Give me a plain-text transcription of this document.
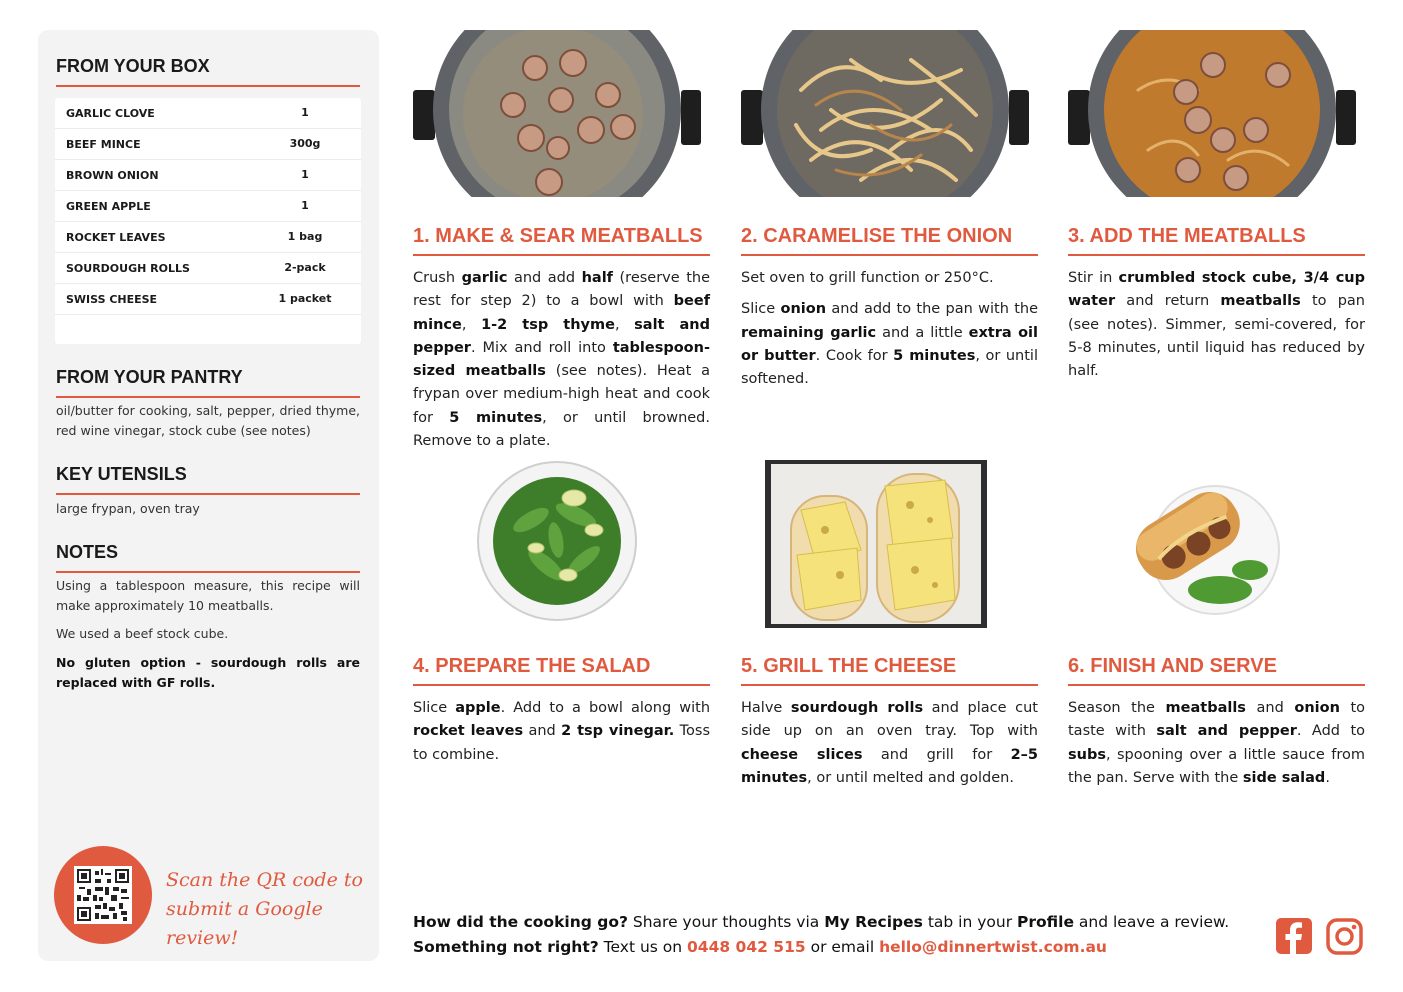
FROM YOUR BOX
GARLIC CLOVE	1
BEEF MINCE	300g
BROWN ONION	1
GREEN APPLE	1
ROCKET LEAVES	1 bag
SOURDOUGH ROLLS	2-pack
SWISS CHEESE	1 packet
FROM YOUR PANTRY
oil/butter for cooking, salt, pepper, dried thyme, red wine vinegar, stock cube (see notes)
KEY UTENSILS
large frypan, oven tray
NOTES
Using a tablespoon measure, this recipe will make approximately 10 meatballs.
We used a beef stock cube.
No gluten option - sourdough rolls are replaced with GF rolls.
Scan the QR code to
submit a Google review!
1. MAKE & SEAR MEATBALLS
Crush garlic and add half (reserve the rest for step 2) to a bowl with beef mince, 1-2 tsp thyme, salt and pepper. Mix and roll into tablespoon-sized meatballs (see notes). Heat a frypan over medium-high heat and cook for 5 minutes, or until browned. Remove to a plate.
2. CARAMELISE THE ONION
Set oven to grill function or 250°C.
Slice onion and add to the pan with the remaining garlic and a little extra oil or butter. Cook for 5 minutes, or until softened.
3. ADD THE MEATBALLS
Stir in crumbled stock cube, 3/4 cup water and return meatballs to pan (see notes). Simmer, semi-covered, for 5-8 minutes, until liquid has reduced by half.
4. PREPARE THE SALAD
Slice apple. Add to a bowl along with rocket leaves and 2 tsp vinegar. Toss to combine.
5. GRILL THE CHEESE
Halve sourdough rolls and place cut side up on an oven tray. Top with cheese slices and grill for 2–5 minutes, or until melted and golden.
6. FINISH AND SERVE
Season the meatballs and onion to taste with salt and pepper. Add to subs, spooning over a little sauce from the pan. Serve with the side salad.
How did the cooking go? Share your thoughts via My Recipes tab in your Profile and leave a review.
Something not right? Text us on 0448 042 515 or email hello@dinnertwist.com.au
